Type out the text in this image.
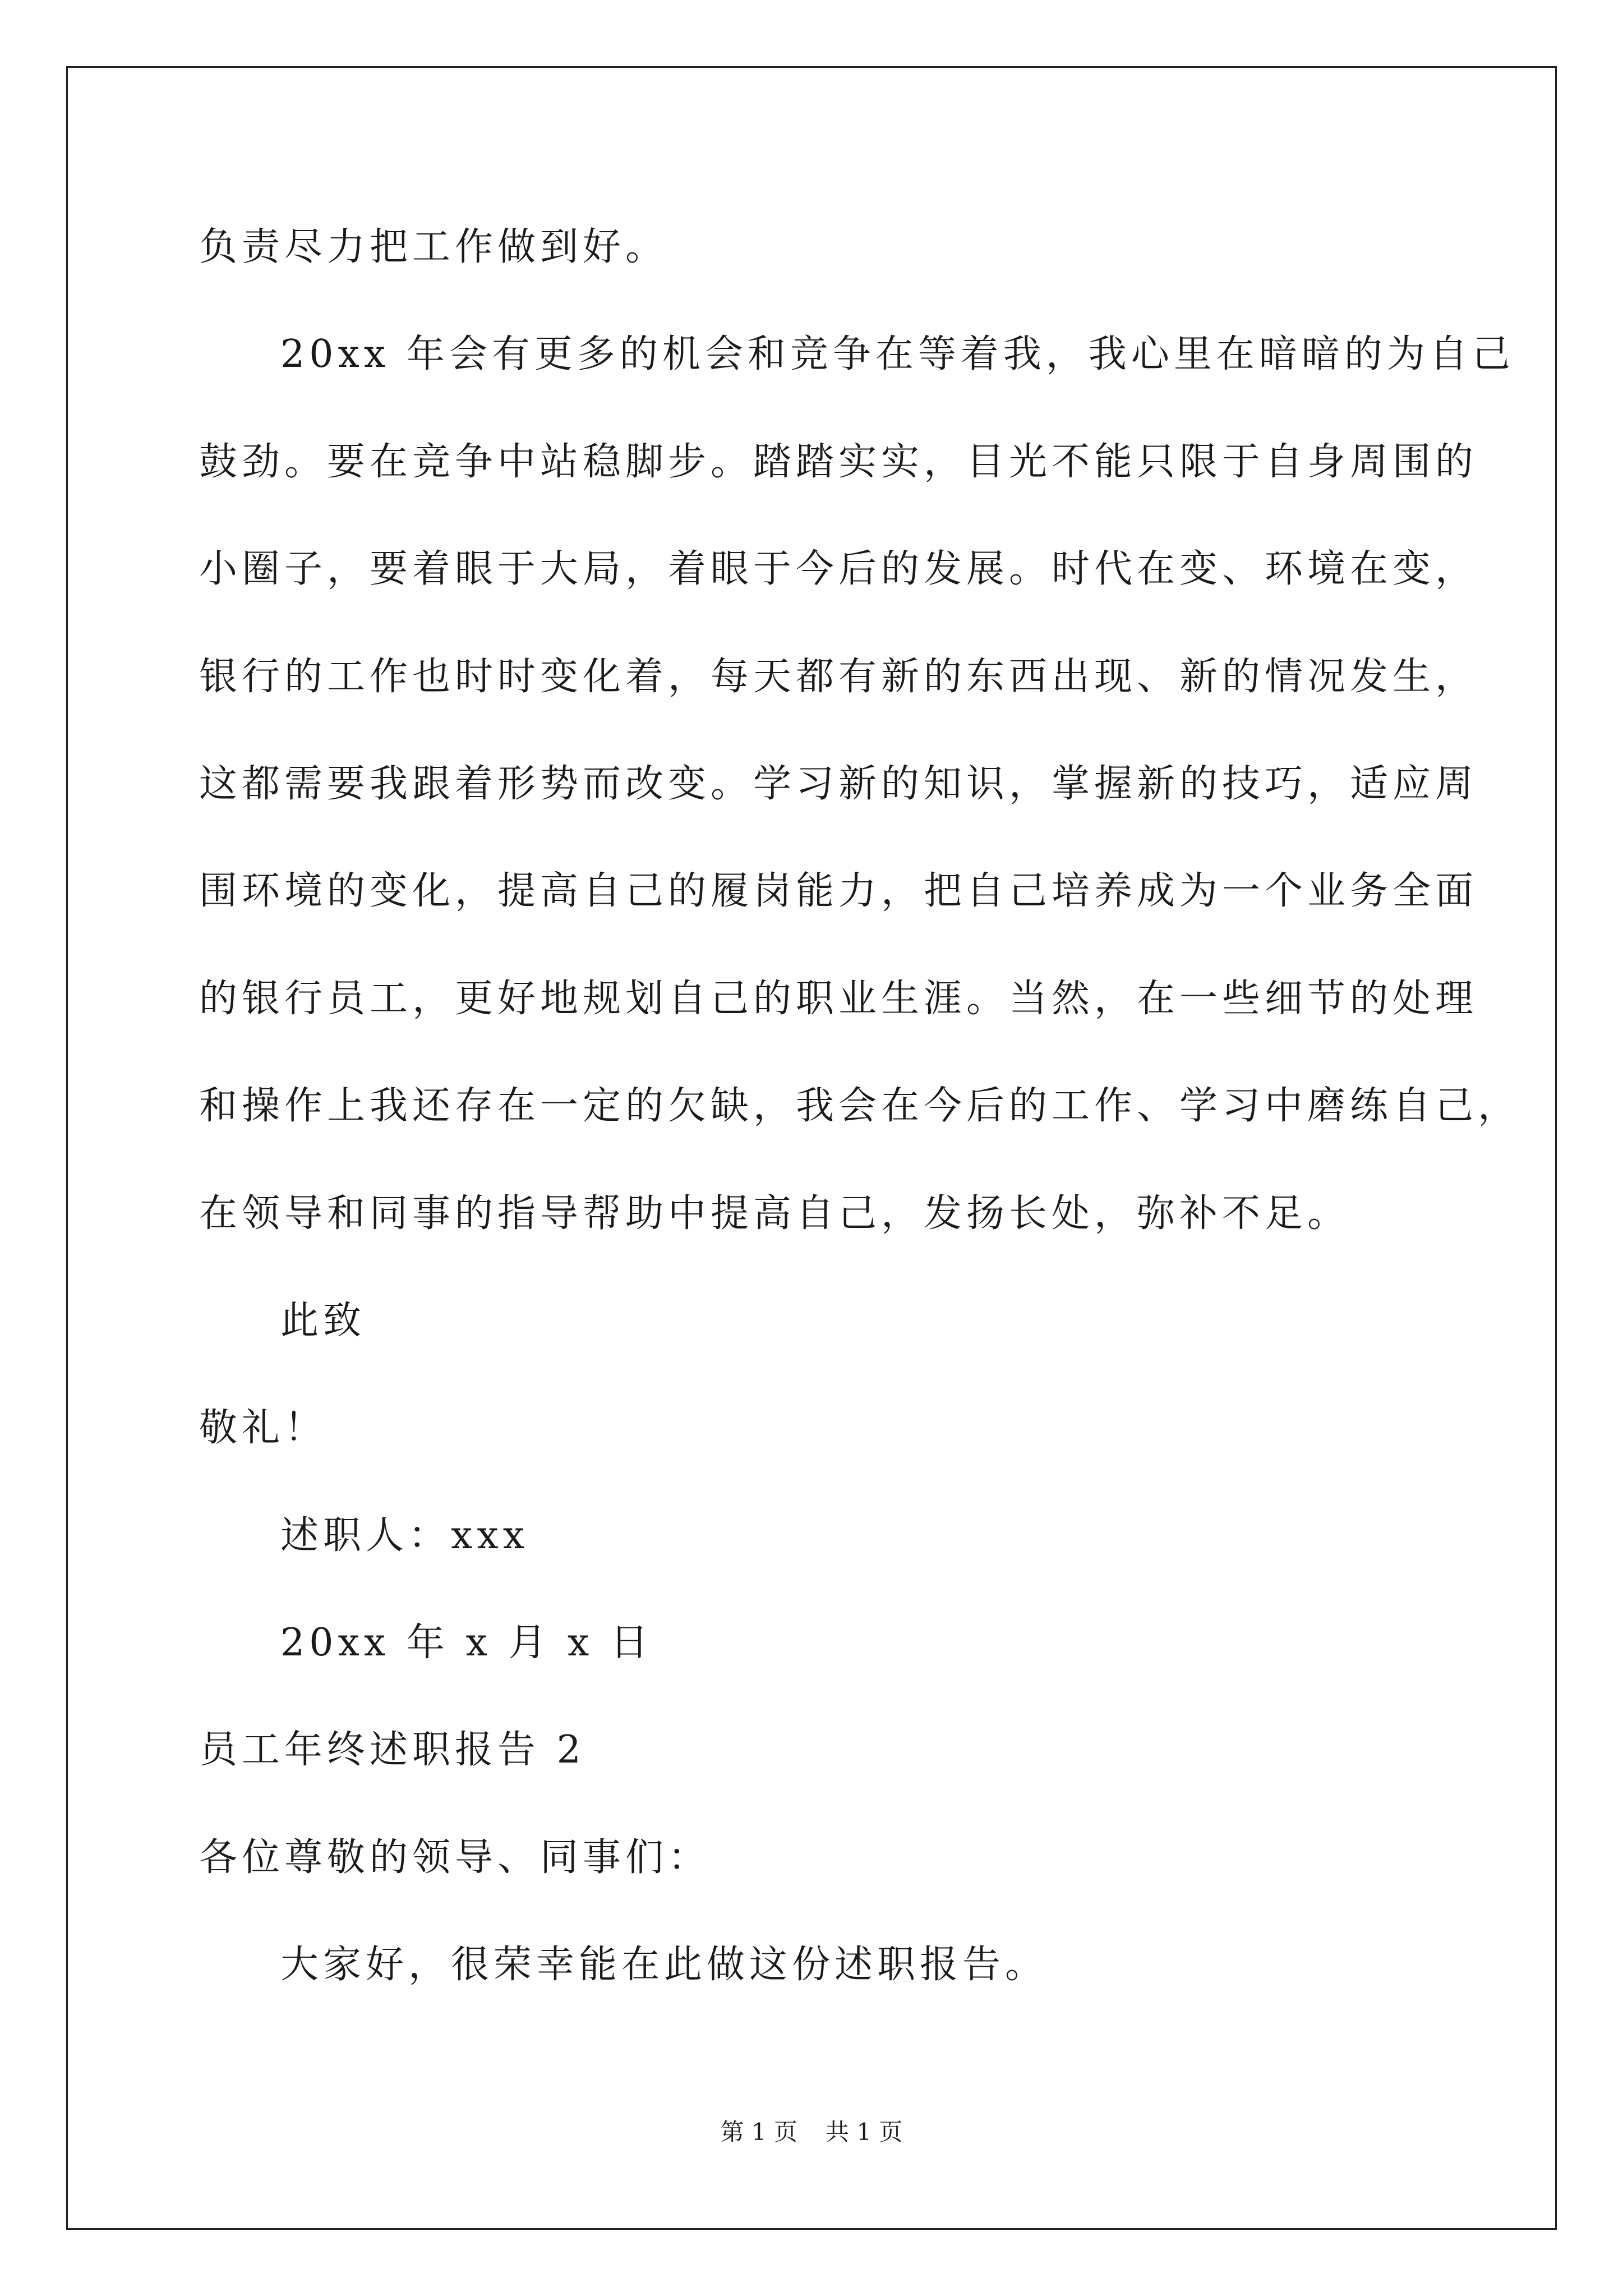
负责尽力把工作做到好。
20xx 年会有更多的机会和竞争在等着我，我心里在暗暗的为自己
鼓劲。要在竞争中站稳脚步。踏踏实实，目光不能只限于自身周围的
小圈子，要着眼于大局，着眼于今后的发展。时代在变、环境在变，
银行的工作也时时变化着，每天都有新的东西出现、新的情况发生，
这都需要我跟着形势而改变。学习新的知识，掌握新的技巧，适应周
围环境的变化，提高自己的履岗能力，把自己培养成为一个业务全面
的银行员工，更好地规划自己的职业生涯。当然，在一些细节的处理
和操作上我还存在一定的欠缺，我会在今后的工作、学习中磨练自己，
在领导和同事的指导帮助中提高自己，发扬长处，弥补不足。
此致
敬礼！
述职人：xxx
20xx 年 x 月 x 日
员工年终述职报告 2
各位尊敬的领导、同事们：
大家好，很荣幸能在此做这份述职报告。
第 1 页 共 1 页
